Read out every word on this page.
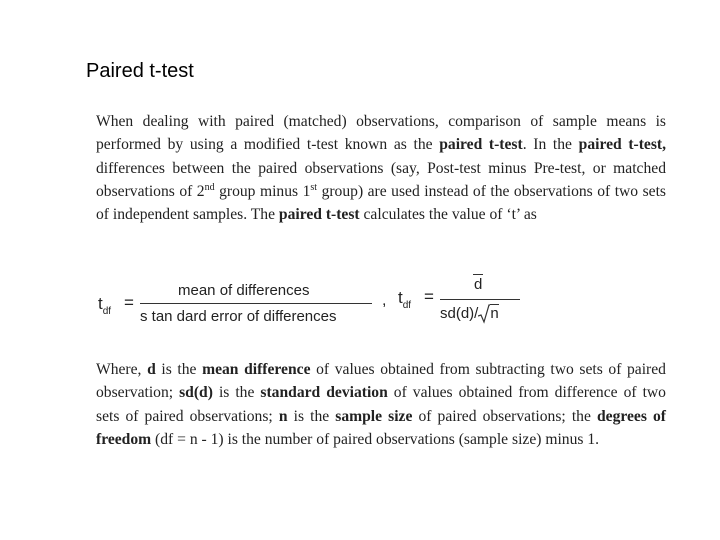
Paired t-test
When dealing with paired (matched) observations, comparison of sample means is performed by using a modified t-test known as the paired t-test. In the paired t-test, differences between the paired observations (say, Post-test minus Pre-test, or matched observations of 2nd group minus 1st group) are used instead of the observations of two sets of independent samples. The paired t-test calculates the value of ‘t’ as
$t_{df}$ =
mean of differences
s tan dard error of differences
, $t_{df}$ =
d
sd(d)/ n
Where, d is the mean difference of values obtained from subtracting two sets of paired observation; sd(d) is the standard deviation of values obtained from difference of two sets of paired observations; n is the sample size of paired observations; the degrees of freedom (df = n - 1) is the number of paired observations (sample size) minus 1.
